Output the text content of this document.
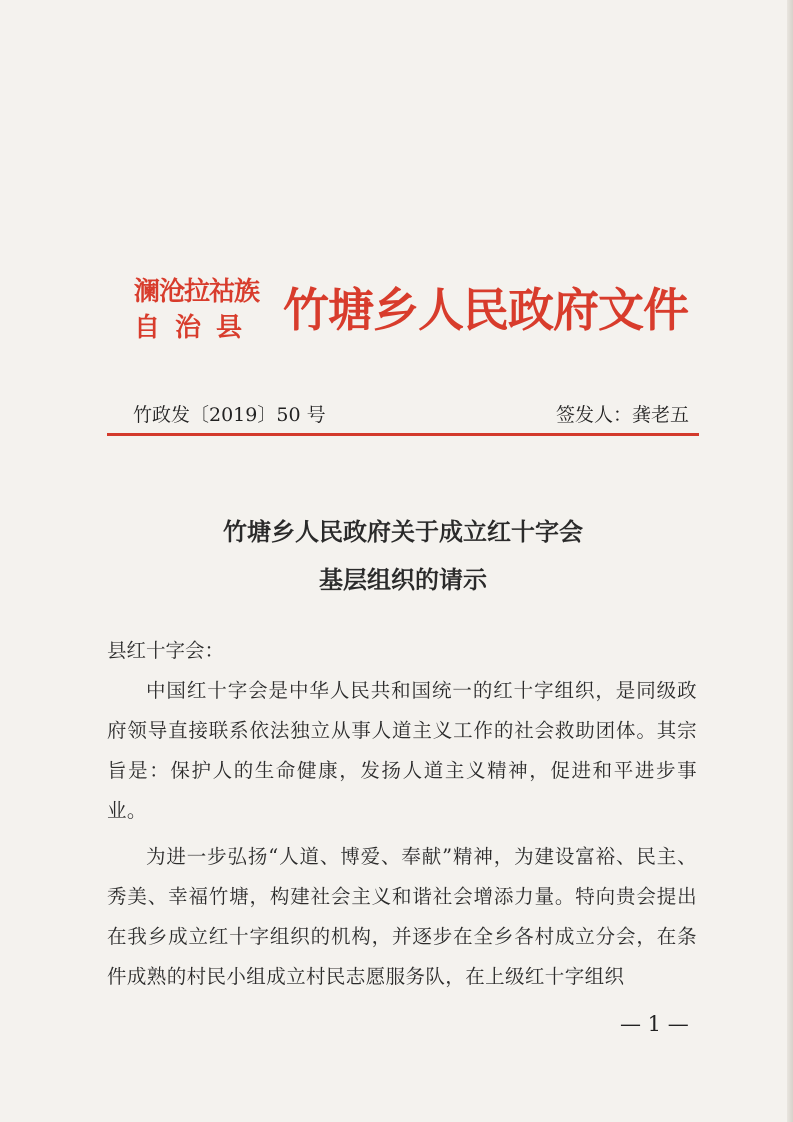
澜沧拉祜族
自治县 竹塘乡人民政府文件
竹政发〔2019〕50 号	签发人：龚老五
竹塘乡人民政府关于成立红十字会
基层组织的请示

县红十字会：

中国红十字会是中华人民共和国统一的红十字组织，是同级政府领导直接联系依法独立从事人道主义工作的社会救助团体。其宗旨是：保护人的生命健康，发扬人道主义精神，促进和平进步事业。

为进一步弘扬“人道、博爱、奉献”精神，为建设富裕、民主、秀美、幸福竹塘，构建社会主义和谐社会增添力量。特向贵会提出在我乡成立红十字组织的机构，并逐步在全乡各村成立分会，在条件成熟的村民小组成立村民志愿服务队，在上级红十字组织

— 1 —
